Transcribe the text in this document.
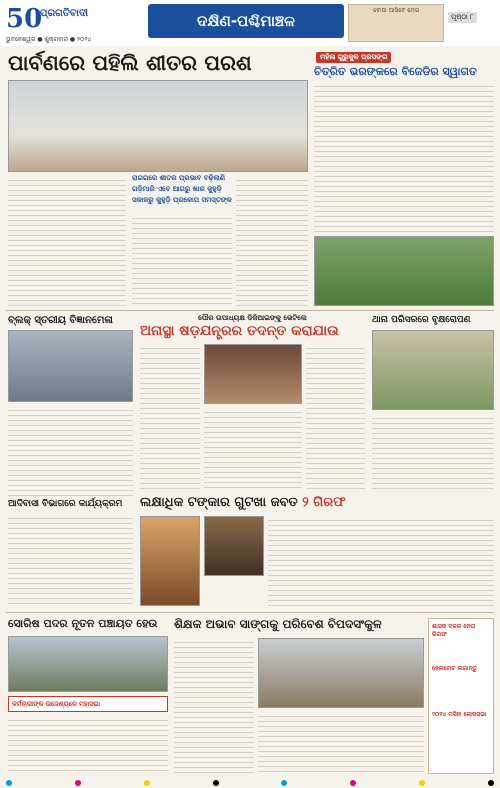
50
ପ୍ରଗତିବାଦୀ
ଭୁବନେଶ୍ୱର ● ଶୁକ୍ରବାର ● ୨୦୨୪
ଦକ୍ଷିଣ-ପଶ୍ଚିମାଞ୍ଚଳ
ବୋଉ ଆସିବେ ମେସ
ପୃଷ୍ଠା ୮
ପାର୍ବଣରେ ପହିଲି ଶୀତର ପରଶ
ରାଗଗରେ ଶୀତର ପ୍ରଭାବ ବଢ଼ିଲାଣି
ଗଡ଼ିମାରି ଏବେ ଆଗରୁ ଖାର କୁହୁଡ଼ି
ସକାଳରୁ କୁହୁଡ଼ି ପ୍ରକୋପ ସମସ୍ତଙ୍କ
ମହିଳା ଗୁରୁକୁଳ ପ୍ରସଙ୍ଗ
ଚିତ୍ରିତ ଭରଙ୍କରେ ବିଜେଡିର ସ୍ୱାଗତ
ବ୍ଲକ୍ ସ୍ତରୀୟ ବିଜ୍ଞାନମେଳା	ପୌର ଉପାଧ୍ୟକ୍ଷ ଡିଜିଆଇଙ୍କୁ ଭେଟିଲେ
ଅନାସ୍ଥା ଷଡ଼ଯନ୍ତ୍ରର ତଦନ୍ତ କରାଯାଉ
ଥାନା ପରିସରରେ ବୃକ୍ଷରୋପଣ
ଲକ୍ଷାଧିକ ଟଙ୍କାର ଗୁଟଖା ଜବତ ୨ ଗିରଫ
ଆଦିବାସୀ ବିଭାଗରେ କାର୍ଯ୍ୟକ୍ରମ
ସୋରିଷ ପଦର ନୂତନ ପଞ୍ଚାୟତ ହେଉ
କର୍ମଚାରୀଙ୍କ ଉଦ୍ଦେଶ୍ୟରେ ମହାସଭା
ଶିକ୍ଷକ ଅଭାବ ସାଙ୍ଗକୁ ପରିବେଶ ବିପଦସଂକୁଳ	ଶାସକ ଦଳର ନେତା ଗିରଫ
ହେଲମେଟ ଲଗାନ୍ତୁ
୨୦୨୪ ମସିହା ଲୋକସଭା
